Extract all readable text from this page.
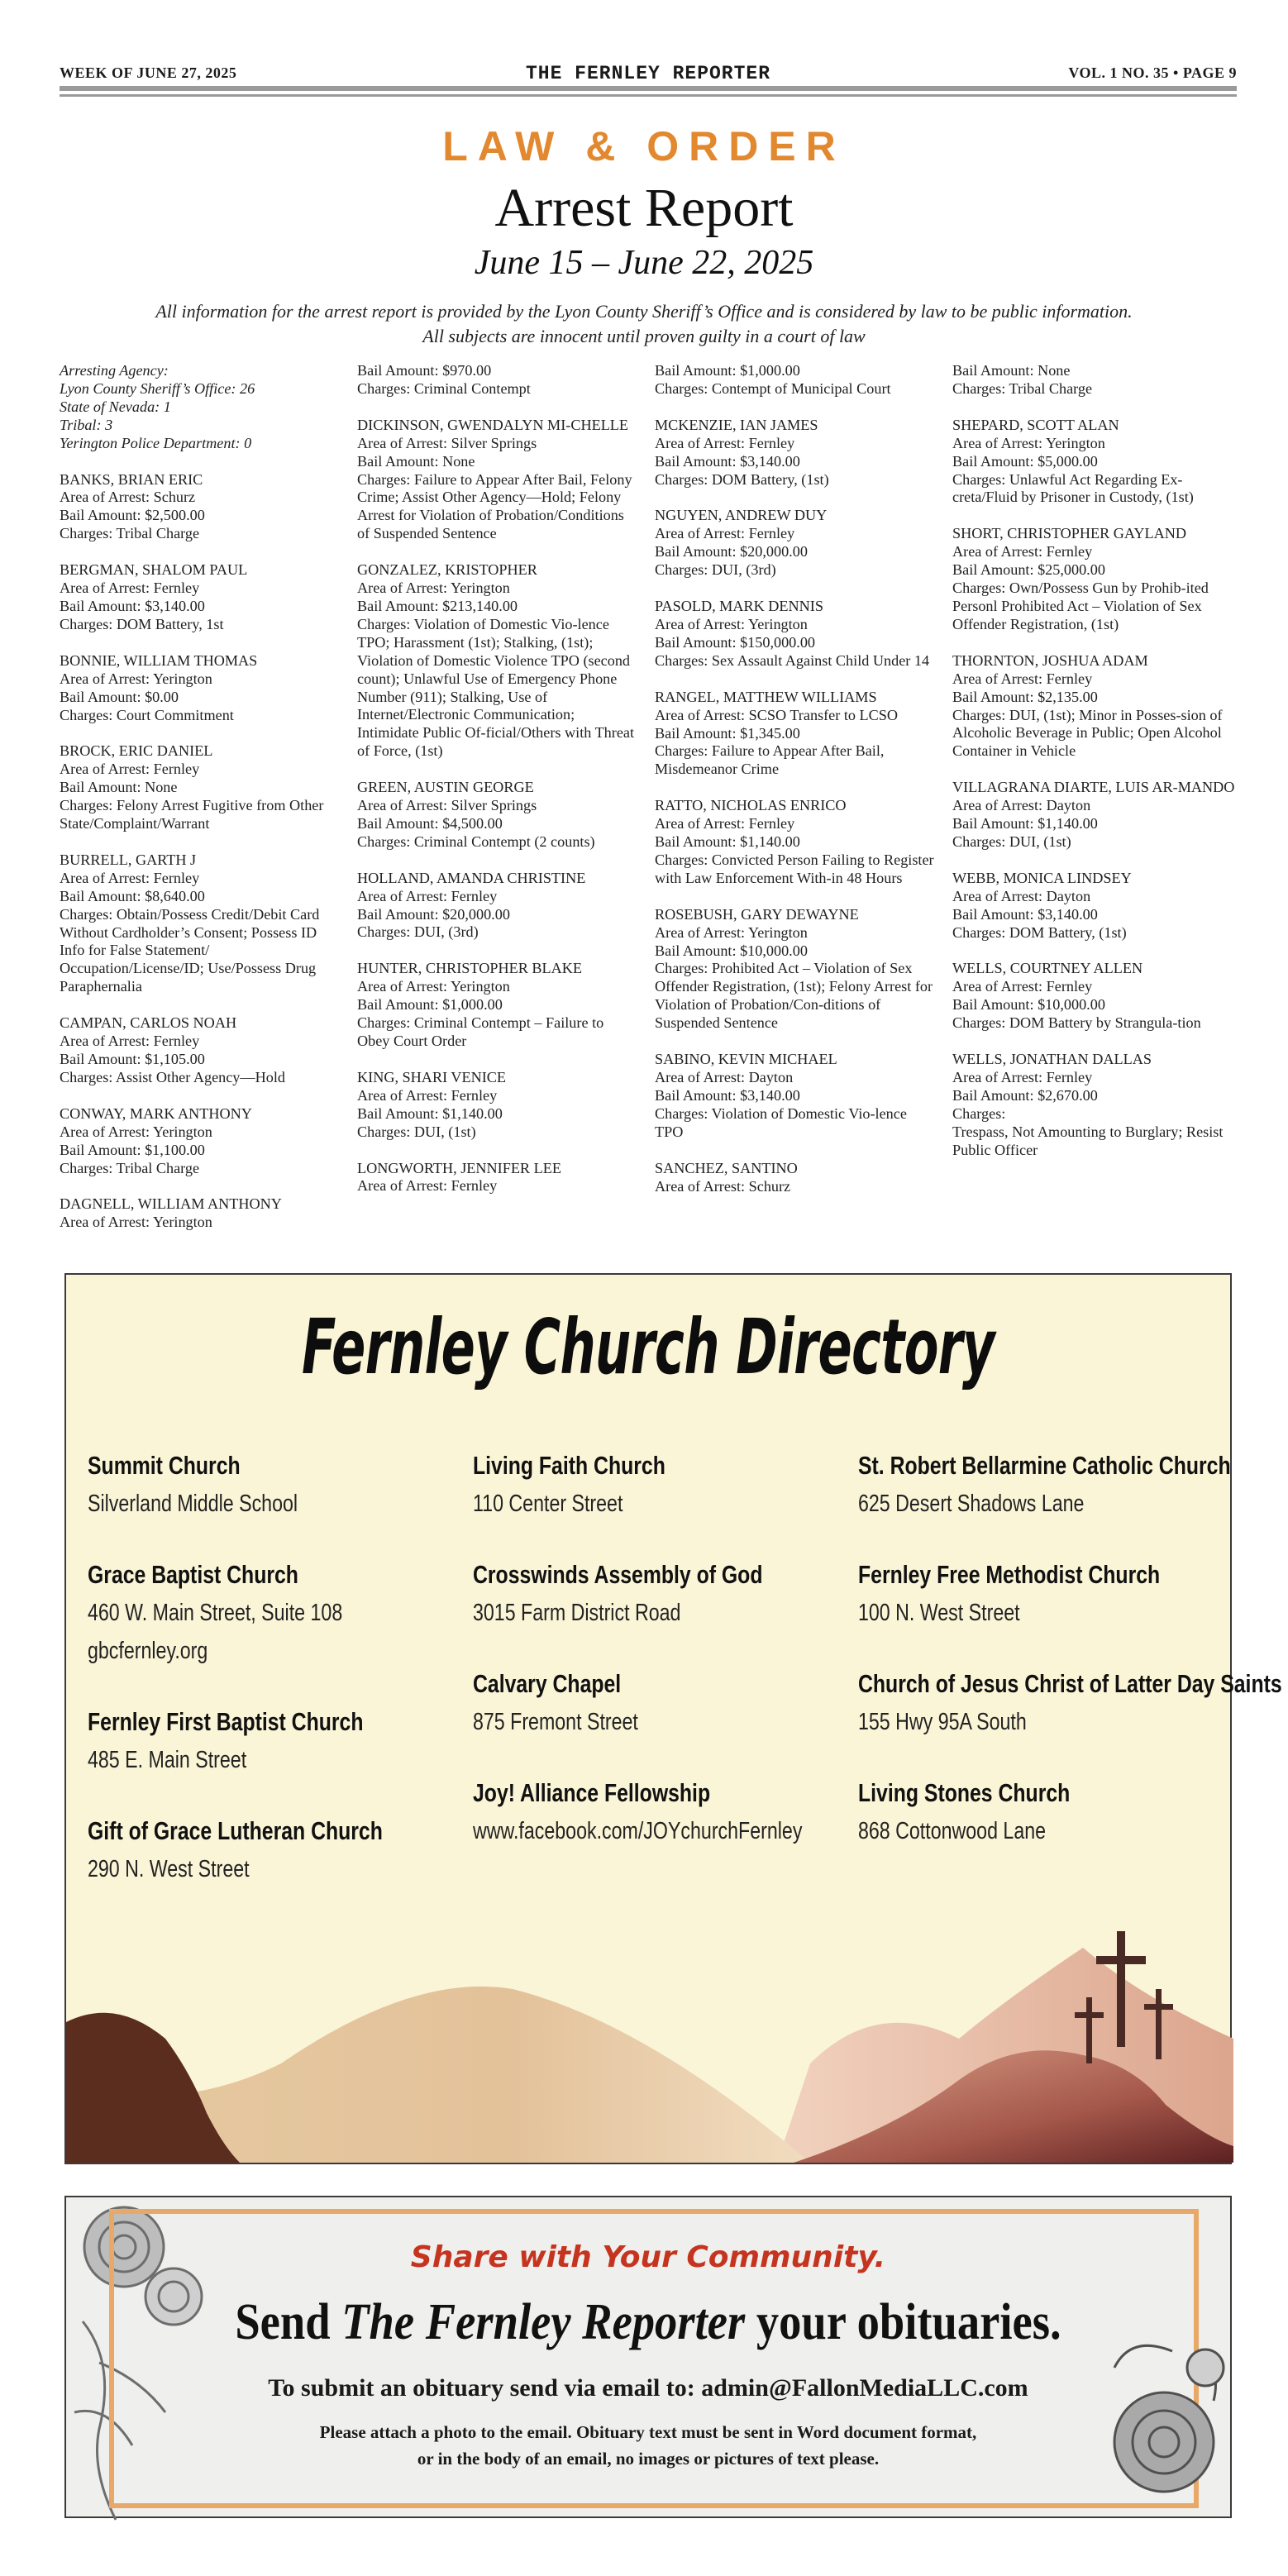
WEEK OF JUNE 27, 2025	THE FERNLEY REPORTER	VOL. 1 NO. 35 • PAGE 9
LAW & ORDER
Arrest Report
June 15 – June 22, 2025
All information for the arrest report is provided by the Lyon County Sheriff’s Office and is considered by law to be public information.
All subjects are innocent until proven guilty in a court of law
Arresting Agency:
Lyon County Sheriff’s Office: 26
State of Nevada: 1
Tribal: 3
Yerington Police Department: 0
BANKS, BRIAN ERIC
Area of Arrest: Schurz
Bail Amount: $2,500.00
Charges: Tribal Charge
BERGMAN, SHALOM PAUL
Area of Arrest: Fernley
Bail Amount: $3,140.00
Charges: DOM Battery, 1st
BONNIE, WILLIAM THOMAS
Area of Arrest: Yerington
Bail Amount: $0.00
Charges: Court Commitment
BROCK, ERIC DANIEL
Area of Arrest: Fernley
Bail Amount: None
Charges: Felony Arrest Fugitive from Other State/Complaint/Warrant
BURRELL, GARTH J
Area of Arrest: Fernley
Bail Amount: $8,640.00
Charges: Obtain/Possess Credit/Debit Card Without Cardholder’s Consent; Possess ID Info for False Statement/ Occupation/License/ID; Use/Possess Drug Paraphernalia
CAMPAN, CARLOS NOAH
Area of Arrest: Fernley
Bail Amount: $1,105.00
Charges: Assist Other Agency—Hold
CONWAY, MARK ANTHONY
Area of Arrest: Yerington
Bail Amount: $1,100.00
Charges: Tribal Charge
DAGNELL, WILLIAM ANTHONY
Area of Arrest: Yerington
Bail Amount: $970.00
Charges: Criminal Contempt
DICKINSON, GWENDALYN MI-CHELLE
Area of Arrest: Silver Springs
Bail Amount: None
Charges: Failure to Appear After Bail, Felony Crime; Assist Other Agency—Hold; Felony Arrest for Violation of Probation/Conditions of Suspended Sentence
GONZALEZ, KRISTOPHER
Area of Arrest: Yerington
Bail Amount: $213,140.00
Charges: Violation of Domestic Vio-lence TPO; Harassment (1st); Stalking, (1st); Violation of Domestic Violence TPO (second count); Unlawful Use of Emergency Phone Number (911); Stalking, Use of Internet/Electronic Communication; Intimidate Public Of-ficial/Others with Threat of Force, (1st)
GREEN, AUSTIN GEORGE
Area of Arrest: Silver Springs
Bail Amount: $4,500.00
Charges: Criminal Contempt (2 counts)
HOLLAND, AMANDA CHRISTINE
Area of Arrest: Fernley
Bail Amount: $20,000.00
Charges: DUI, (3rd)
HUNTER, CHRISTOPHER BLAKE
Area of Arrest: Yerington
Bail Amount: $1,000.00
Charges: Criminal Contempt – Failure to Obey Court Order
KING, SHARI VENICE
Area of Arrest: Fernley
Bail Amount: $1,140.00
Charges: DUI, (1st)
LONGWORTH, JENNIFER LEE
Area of Arrest: Fernley
Bail Amount: $1,000.00
Charges: Contempt of Municipal Court
MCKENZIE, IAN JAMES
Area of Arrest: Fernley
Bail Amount: $3,140.00
Charges: DOM Battery, (1st)
NGUYEN, ANDREW DUY
Area of Arrest: Fernley
Bail Amount: $20,000.00
Charges: DUI, (3rd)
PASOLD, MARK DENNIS
Area of Arrest: Yerington
Bail Amount: $150,000.00
Charges: Sex Assault Against Child Under 14
RANGEL, MATTHEW WILLIAMS
Area of Arrest: SCSO Transfer to LCSO
Bail Amount: $1,345.00
Charges: Failure to Appear After Bail, Misdemeanor Crime
RATTO, NICHOLAS ENRICO
Area of Arrest: Fernley
Bail Amount: $1,140.00
Charges: Convicted Person Failing to Register with Law Enforcement With-in 48 Hours
ROSEBUSH, GARY DEWAYNE
Area of Arrest: Yerington
Bail Amount: $10,000.00
Charges: Prohibited Act – Violation of Sex Offender Registration, (1st); Felony Arrest for Violation of Probation/Con-ditions of Suspended Sentence
SABINO, KEVIN MICHAEL
Area of Arrest: Dayton
Bail Amount: $3,140.00
Charges: Violation of Domestic Vio-lence TPO
SANCHEZ, SANTINO
Area of Arrest: Schurz
Bail Amount: None
Charges: Tribal Charge
SHEPARD, SCOTT ALAN
Area of Arrest: Yerington
Bail Amount: $5,000.00
Charges: Unlawful Act Regarding Ex-creta/Fluid by Prisoner in Custody, (1st)
SHORT, CHRISTOPHER GAYLAND
Area of Arrest: Fernley
Bail Amount: $25,000.00
Charges: Own/Possess Gun by Prohib-ited Personl Prohibited Act – Violation of Sex Offender Registration, (1st)
THORNTON, JOSHUA ADAM
Area of Arrest: Fernley
Bail Amount: $2,135.00
Charges: DUI, (1st); Minor in Posses-sion of Alcoholic Beverage in Public; Open Alcohol Container in Vehicle
VILLAGRANA DIARTE, LUIS AR-MANDO
Area of Arrest: Dayton
Bail Amount: $1,140.00
Charges: DUI, (1st)
WEBB, MONICA LINDSEY
Area of Arrest: Dayton
Bail Amount: $3,140.00
Charges: DOM Battery, (1st)
WELLS, COURTNEY ALLEN
Area of Arrest: Fernley
Bail Amount: $10,000.00
Charges: DOM Battery by Strangula-tion
WELLS, JONATHAN DALLAS
Area of Arrest: Fernley
Bail Amount: $2,670.00
Charges:
Trespass, Not Amounting to Burglary; Resist Public Officer
Fernley Church Directory
Summit Church
Silverland Middle School
Grace Baptist Church
460 W. Main Street, Suite 108
gbcfernley.org
Fernley First Baptist Church
485 E. Main Street
Gift of Grace Lutheran Church
290 N. West Street
Living Faith Church
110 Center Street
Crosswinds Assembly of God
3015 Farm District Road
Calvary Chapel
875 Fremont Street
Joy! Alliance Fellowship
www.facebook.com/JOYchurchFernley
St. Robert Bellarmine Catholic Church
625 Desert Shadows Lane
Fernley Free Methodist Church
100 N. West Street
Church of Jesus Christ of Latter Day Saints
155 Hwy 95A South
Living Stones Church
868 Cottonwood Lane
Share with Your Community.
Send The Fernley Reporter your obituaries.
To submit an obituary send via email to: admin@FallonMediaLLC.com
Please attach a photo to the email. Obituary text must be sent in Word document format,
or in the body of an email, no images or pictures of text please.
